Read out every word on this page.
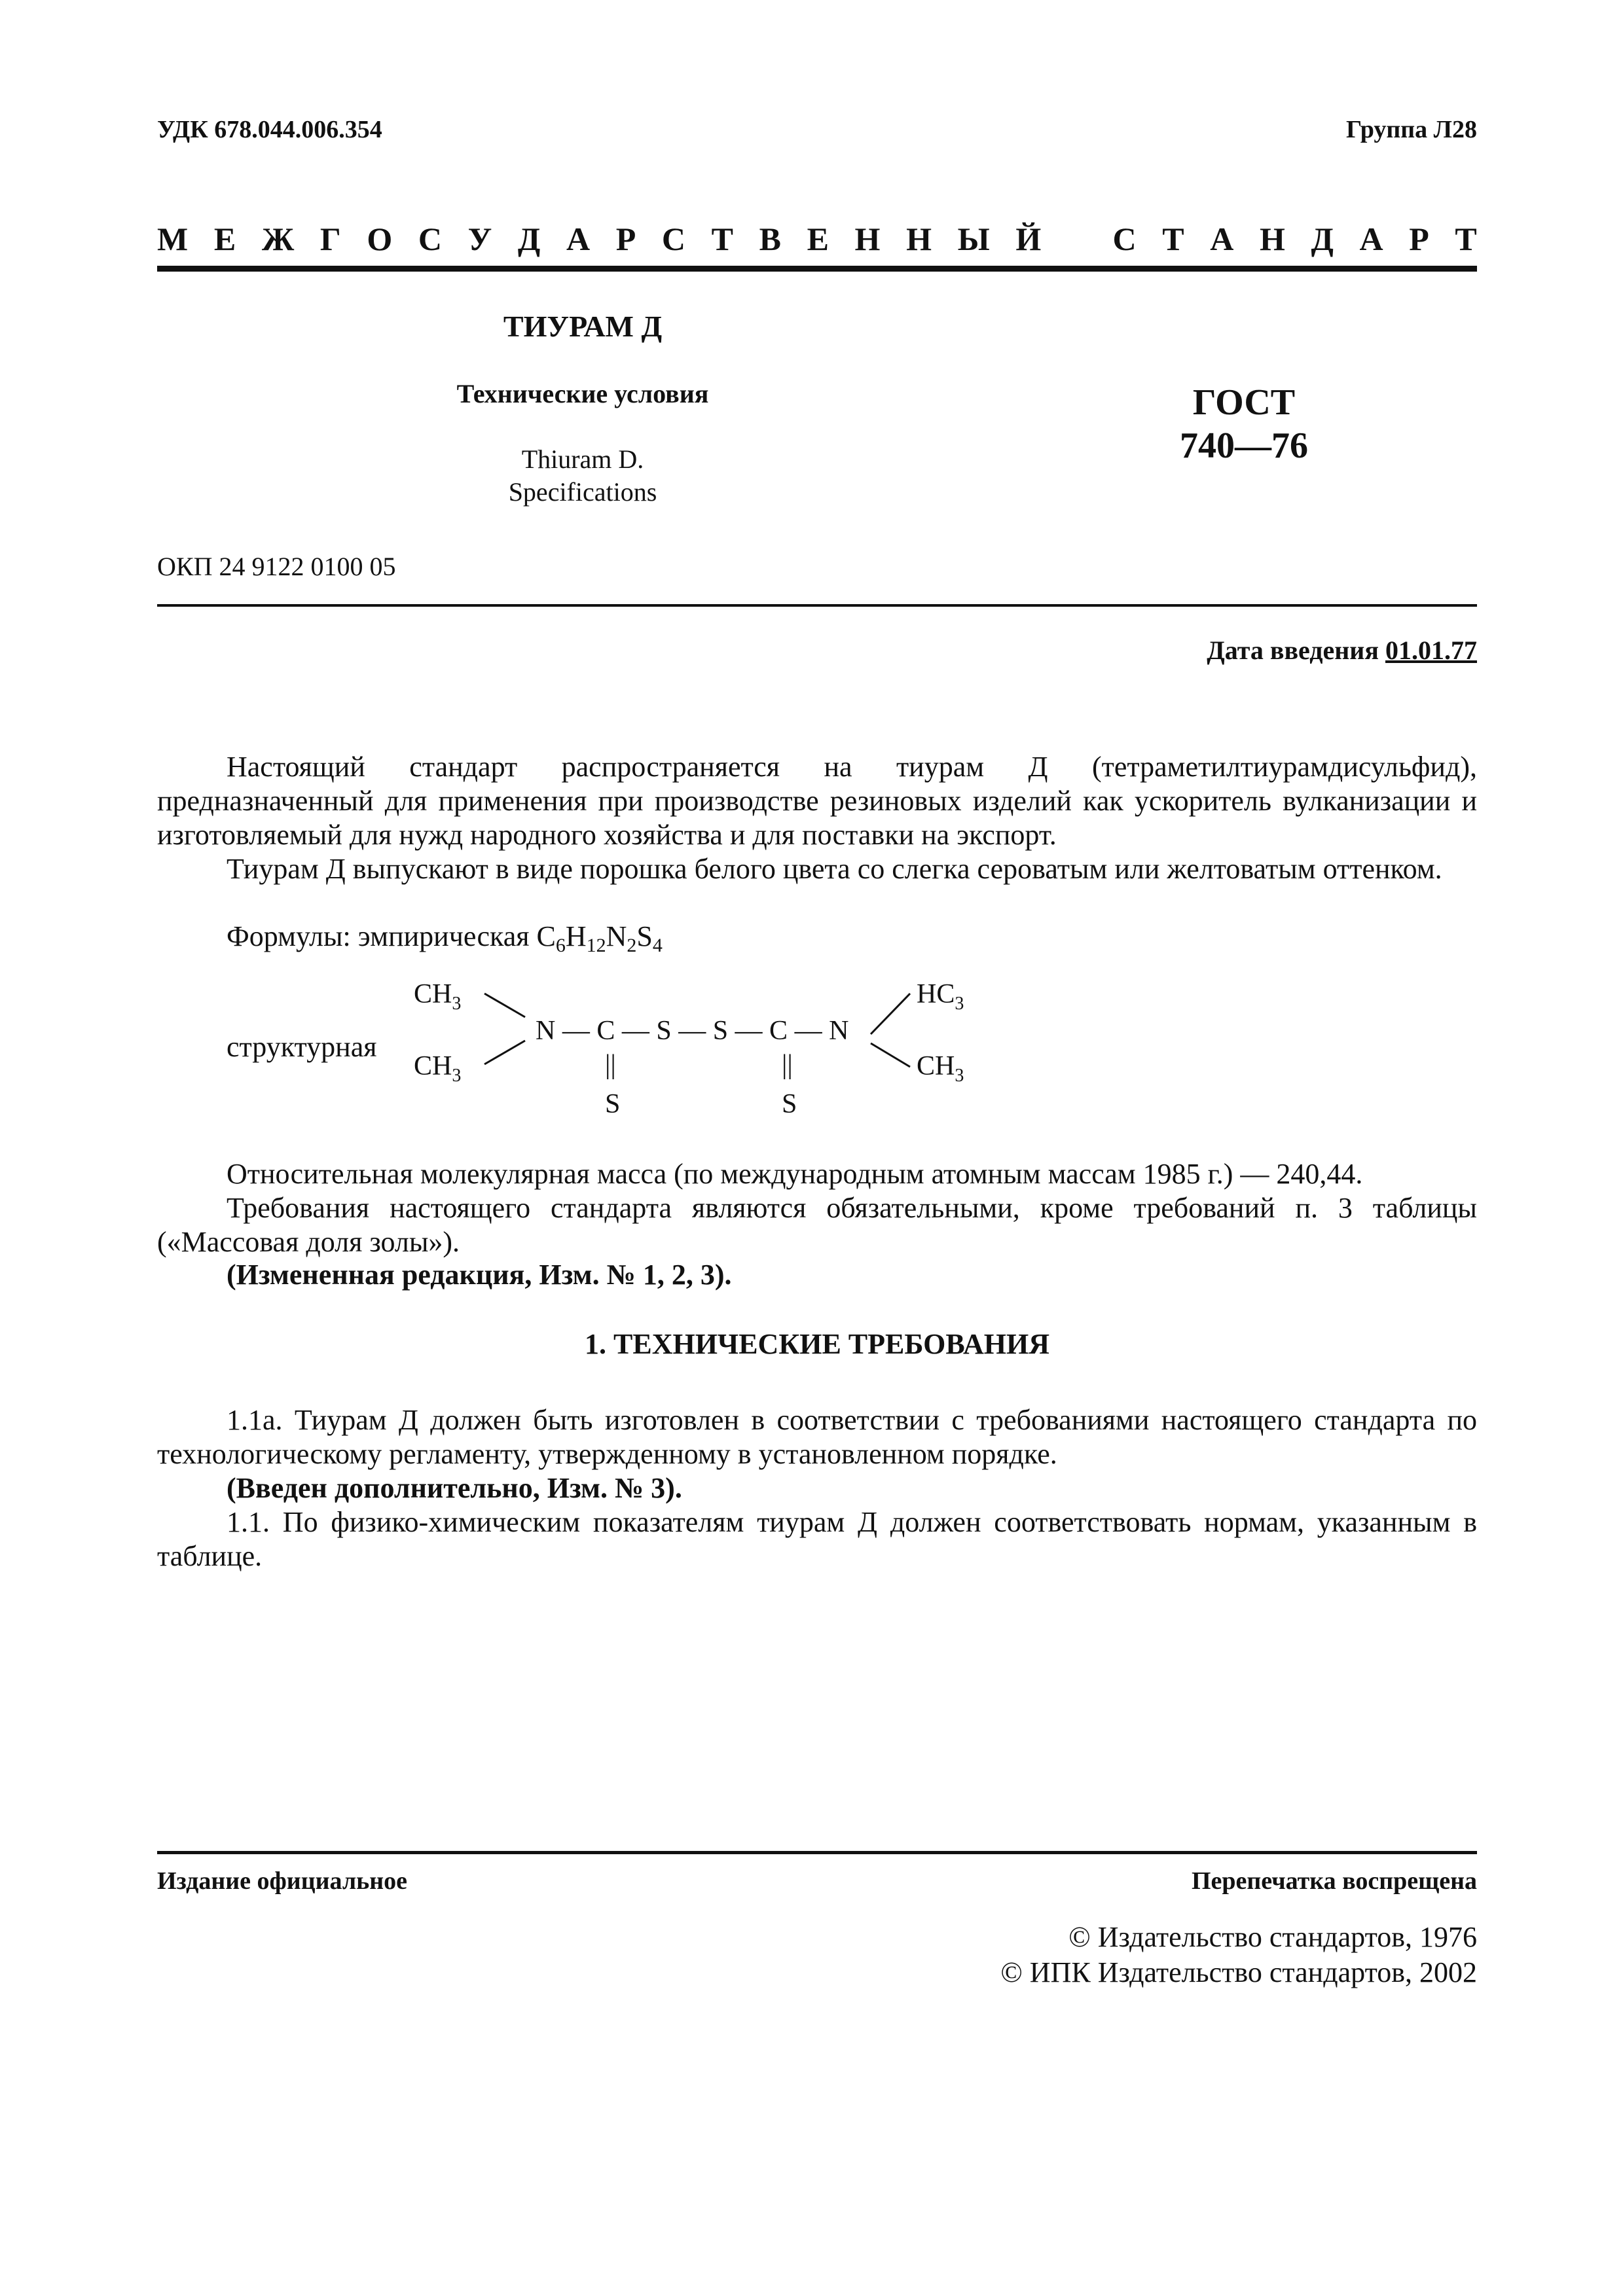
УДК 678.044.006.354	Группа Л28
М Е Ж Г О С У Д А Р С Т В Е Н Н Ы Й С Т А Н Д А Р Т
ТИУРАМ Д
Технические условия
Thiuram D.
Specifications
ГОСТ
740—76
ОКП 24 9122 0100 05
Дата введения 01.01.77
Настоящий стандарт распространяется на тиурам Д (тетраметилтиурамдисульфид), предназначенный для применения при производстве резиновых изделий как ускоритель вулканизации и изготовляемый для нужд народного хозяйства и для поставки на экспорт.
Тиурам Д выпускают в виде порошка белого цвета со слегка сероватым или желтоватым оттенком.
Формулы: эмпирическая $C_6H_{12}N_2S_4$
структурная
$CH_3$
$CH_3$
N — C — S — S — C — N
$HC_3$
$CH_3$
||
S
||
S
Относительная молекулярная масса (по международным атомным массам 1985 г.) — 240,44.
Требования настоящего стандарта являются обязательными, кроме требований п. 3 таблицы («Массовая доля золы»).
(Измененная редакция, Изм. № 1, 2, 3).
1. ТЕХНИЧЕСКИЕ ТРЕБОВАНИЯ
1.1а. Тиурам Д должен быть изготовлен в соответствии с требованиями настоящего стандарта по технологическому регламенту, утвержденному в установленном порядке.
(Введен дополнительно, Изм. № 3).
1.1. По физико-химическим показателям тиурам Д должен соответствовать нормам, указанным в таблице.
Издание официальное	Перепечатка воспрещена
© Издательство стандартов, 1976
© ИПК Издательство стандартов, 2002
